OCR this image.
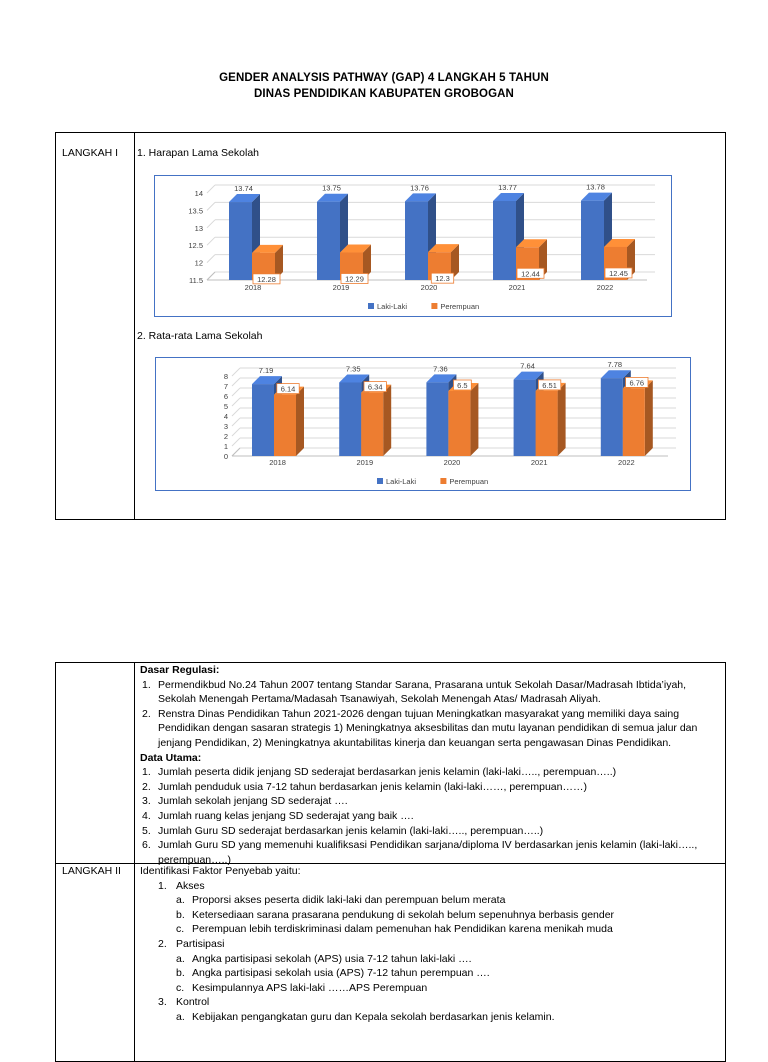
GENDER ANALYSIS PATHWAY (GAP) 4 LANGKAH 5 TAHUN
DINAS PENDIDIKAN KABUPATEN GROBOGAN
LANGKAH I 1. Harapan Lama Sekolah
2. Rata-rata Lama Sekolah
11.5
12
12.5
13
13.5
14
13.74
12.28
2018
13.75
12.29
2019
13.76
12.3
2020
13.77
12.44
2021
13.78
12.45
2022
Laki-Laki	Perempuan
0
1
2
3
4
5
6
7
8
7.19
6.14
2018
7.35
6.34
2019
7.36
6.5
2020
7.64
6.51
2021
7.78
6.76
2022
Laki-Laki	Perempuan
Dasar Regulasi:
1. Permendikbud No.24 Tahun 2007 tentang Standar Sarana, Prasarana untuk Sekolah Dasar/Madrasah Ibtida’iyah,
Sekolah Menengah Pertama/Madasah Tsanawiyah, Sekolah Menengah Atas/ Madrasah Aliyah.
2. Renstra Dinas Pendidikan Tahun 2021-2026 dengan tujuan Meningkatkan masyarakat yang memiliki daya saing
Pendidikan dengan sasaran strategis 1) Meningkatnya aksesbilitas dan mutu layanan pendidikan di semua jalur dan
jenjang Pendidikan, 2) Meningkatnya akuntabilitas kinerja dan keuangan serta pengawasan Dinas Pendidikan.
Data Utama:
1. Jumlah peserta didik jenjang SD sederajat berdasarkan jenis kelamin (laki-laki….., perempuan…..)
2. Jumlah penduduk usia 7-12 tahun berdasarkan jenis kelamin (laki-laki……, perempuan……)
3. Jumlah sekolah jenjang SD sederajat ….
4. Jumlah ruang kelas jenjang SD sederajat yang baik ….
5. Jumlah Guru SD sederajat berdasarkan jenis kelamin (laki-laki….., perempuan…..)
6. Jumlah Guru SD yang memenuhi kualifiksasi Pendidikan sarjana/diploma IV berdasarkan jenis kelamin (laki-laki…..,
perempuan…..)
LANGKAH II Identifikasi Faktor Penyebab yaitu:
1. Akses
a. Proporsi akses peserta didik laki-laki dan perempuan belum merata
b. Ketersediaan sarana prasarana pendukung di sekolah belum sepenuhnya berbasis gender
c. Perempuan lebih terdiskriminasi dalam pemenuhan hak Pendidikan karena menikah muda
2. Partisipasi
a. Angka partisipasi sekolah (APS) usia 7-12 tahun laki-laki ….
b. Angka partisipasi sekolah usia (APS) 7-12 tahun perempuan ….
c. Kesimpulannya APS laki-laki ……APS Perempuan
3. Kontrol
a. Kebijakan pengangkatan guru dan Kepala sekolah berdasarkan jenis kelamin.
